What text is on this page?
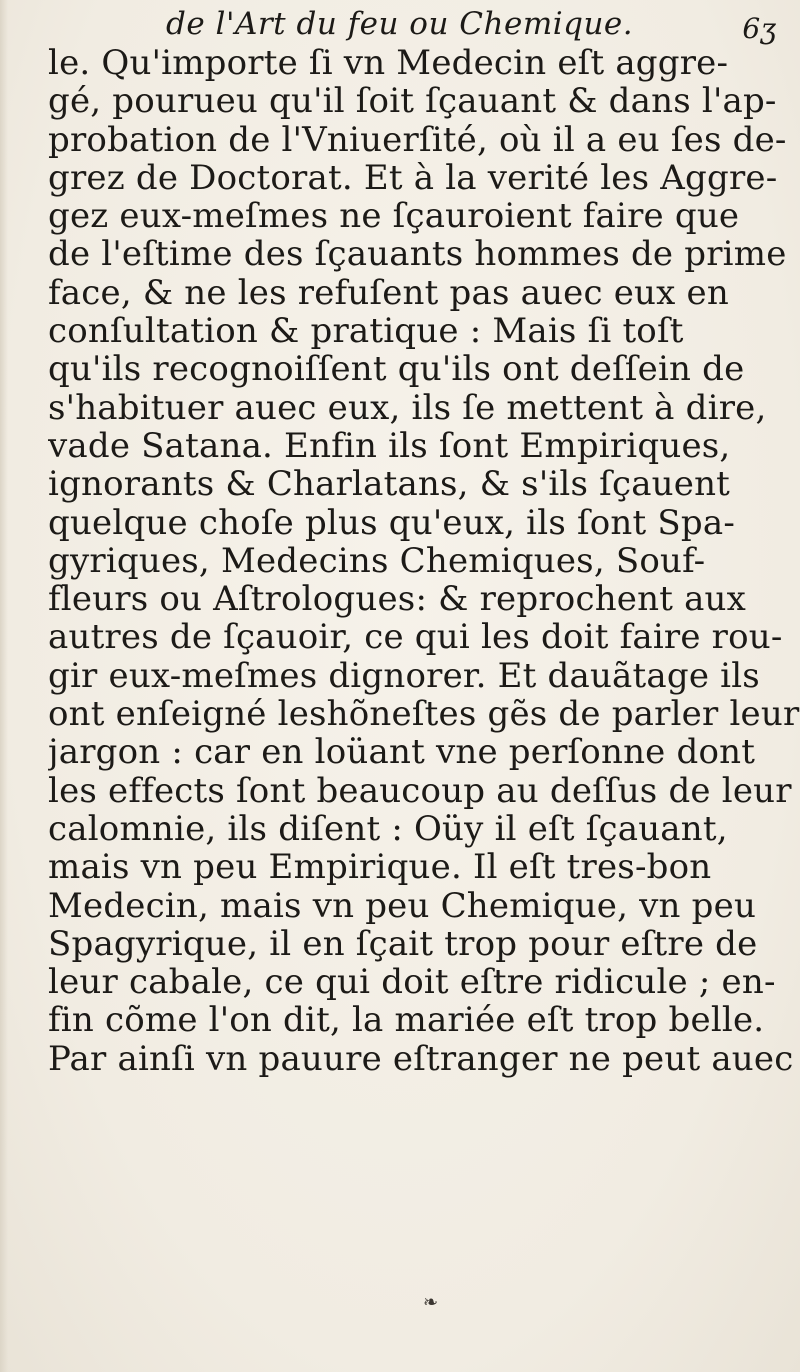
de l'Art du feu ou Chemique.	6ʒ
le. Qu'importe ſi vn Medecin eſt aggre-
gé, pourueu qu'il ſoit ſçauant & dans l'ap-
probation de l'Vniuerſité, où il a eu ſes de-
grez de Doctorat. Et à la verité les Aggre-
gez eux-meſmes ne ſçauroient faire que
de l'eſtime des ſçauants hommes de prime
face, & ne les refuſent pas auec eux en
conſultation & pratique : Mais ſi toſt
qu'ils recognoiſſent qu'ils ont deſſein de
s'habituer auec eux, ils ſe mettent à dire,
vade Satana. Enfin ils ſont Empiriques,
ignorants & Charlatans, & s'ils ſçauent
quelque choſe plus qu'eux, ils ſont Spa-
gyriques, Medecins Chemiques, Souf-
fleurs ou Aſtrologues: & reprochent aux
autres de ſçauoir, ce qui les doit faire rou-
gir eux-meſmes dignorer. Et dauãtage ils
ont enſeigné leshõneſtes gẽs de parler leur
jargon : car en loüant vne perſonne dont
les effects ſont beaucoup au deſſus de leur
calomnie, ils diſent : Oüy il eſt ſçauant,
mais vn peu Empirique. Il eſt tres-bon
Medecin, mais vn peu Chemique, vn peu
Spagyrique, il en ſçait trop pour eſtre de
leur cabale, ce qui doit eſtre ridicule ; en-
fin cõme l'on dit, la mariée eſt trop belle.
Par ainſi vn pauure eſtranger ne peut auec
❧
